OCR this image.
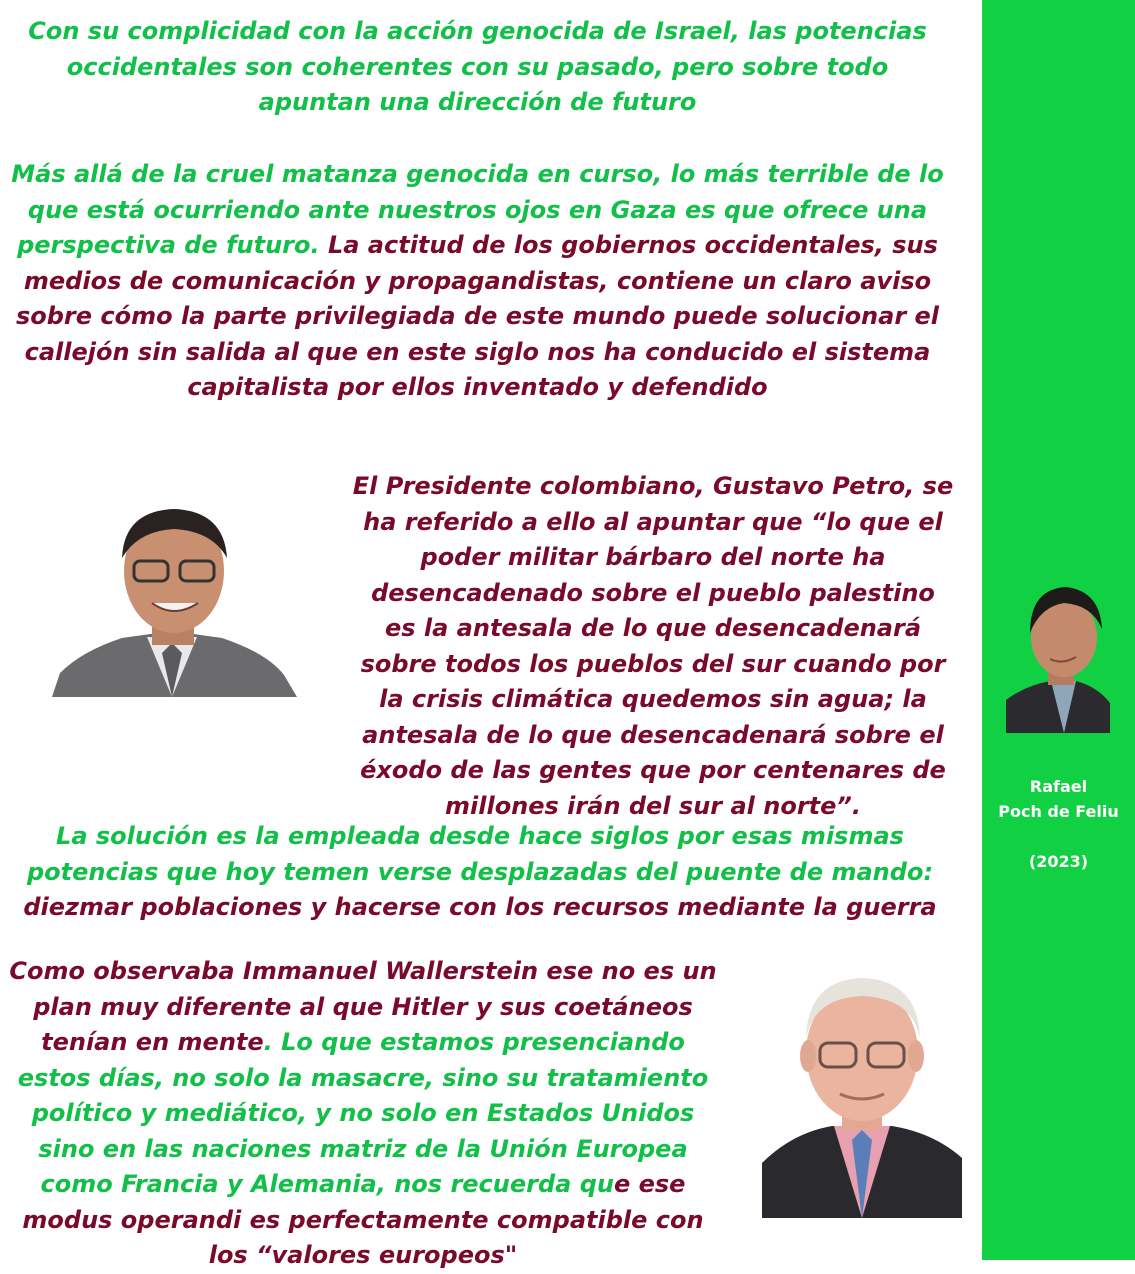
Con su complicidad con la acción genocida de Israel, las potencias occidentales son coherentes con su pasado, pero sobre todo apuntan una dirección de futuro

Más allá de la cruel matanza genocida en curso, lo más terrible de lo que está ocurriendo ante nuestros ojos en Gaza es que ofrece una perspectiva de futuro. La actitud de los gobiernos occidentales, sus medios de comunicación y propagandistas, contiene un claro aviso sobre cómo la parte privilegiada de este mundo puede solucionar el callejón sin salida al que en este siglo nos ha conducido el sistema capitalista por ellos inventado y defendido

El Presidente colombiano, Gustavo Petro, se ha referido a ello al apuntar que “lo que el poder militar bárbaro del norte ha desencadenado sobre el pueblo palestino es la antesala de lo que desencadenará sobre todos los pueblos del sur cuando por la crisis climática quedemos sin agua; la antesala de lo que desencadenará sobre el éxodo de las gentes que por centenares de millones irán del sur al norte”.

La solución es la empleada desde hace siglos por esas mismas potencias que hoy temen verse desplazadas del puente de mando: diezmar poblaciones y hacerse con los recursos mediante la guerra

Como observaba Immanuel Wallerstein ese no es un plan muy diferente al que Hitler y sus coetáneos tenían en mente. Lo que estamos presenciando estos días, no solo la masacre, sino su tratamiento político y mediático, y no solo en Estados Unidos sino en las naciones matriz de la Unión Europea como Francia y Alemania, nos recuerda que ese modus operandi es perfectamente compatible con los “valores europeos"

Rafael
Poch de Feliu
(2023)
